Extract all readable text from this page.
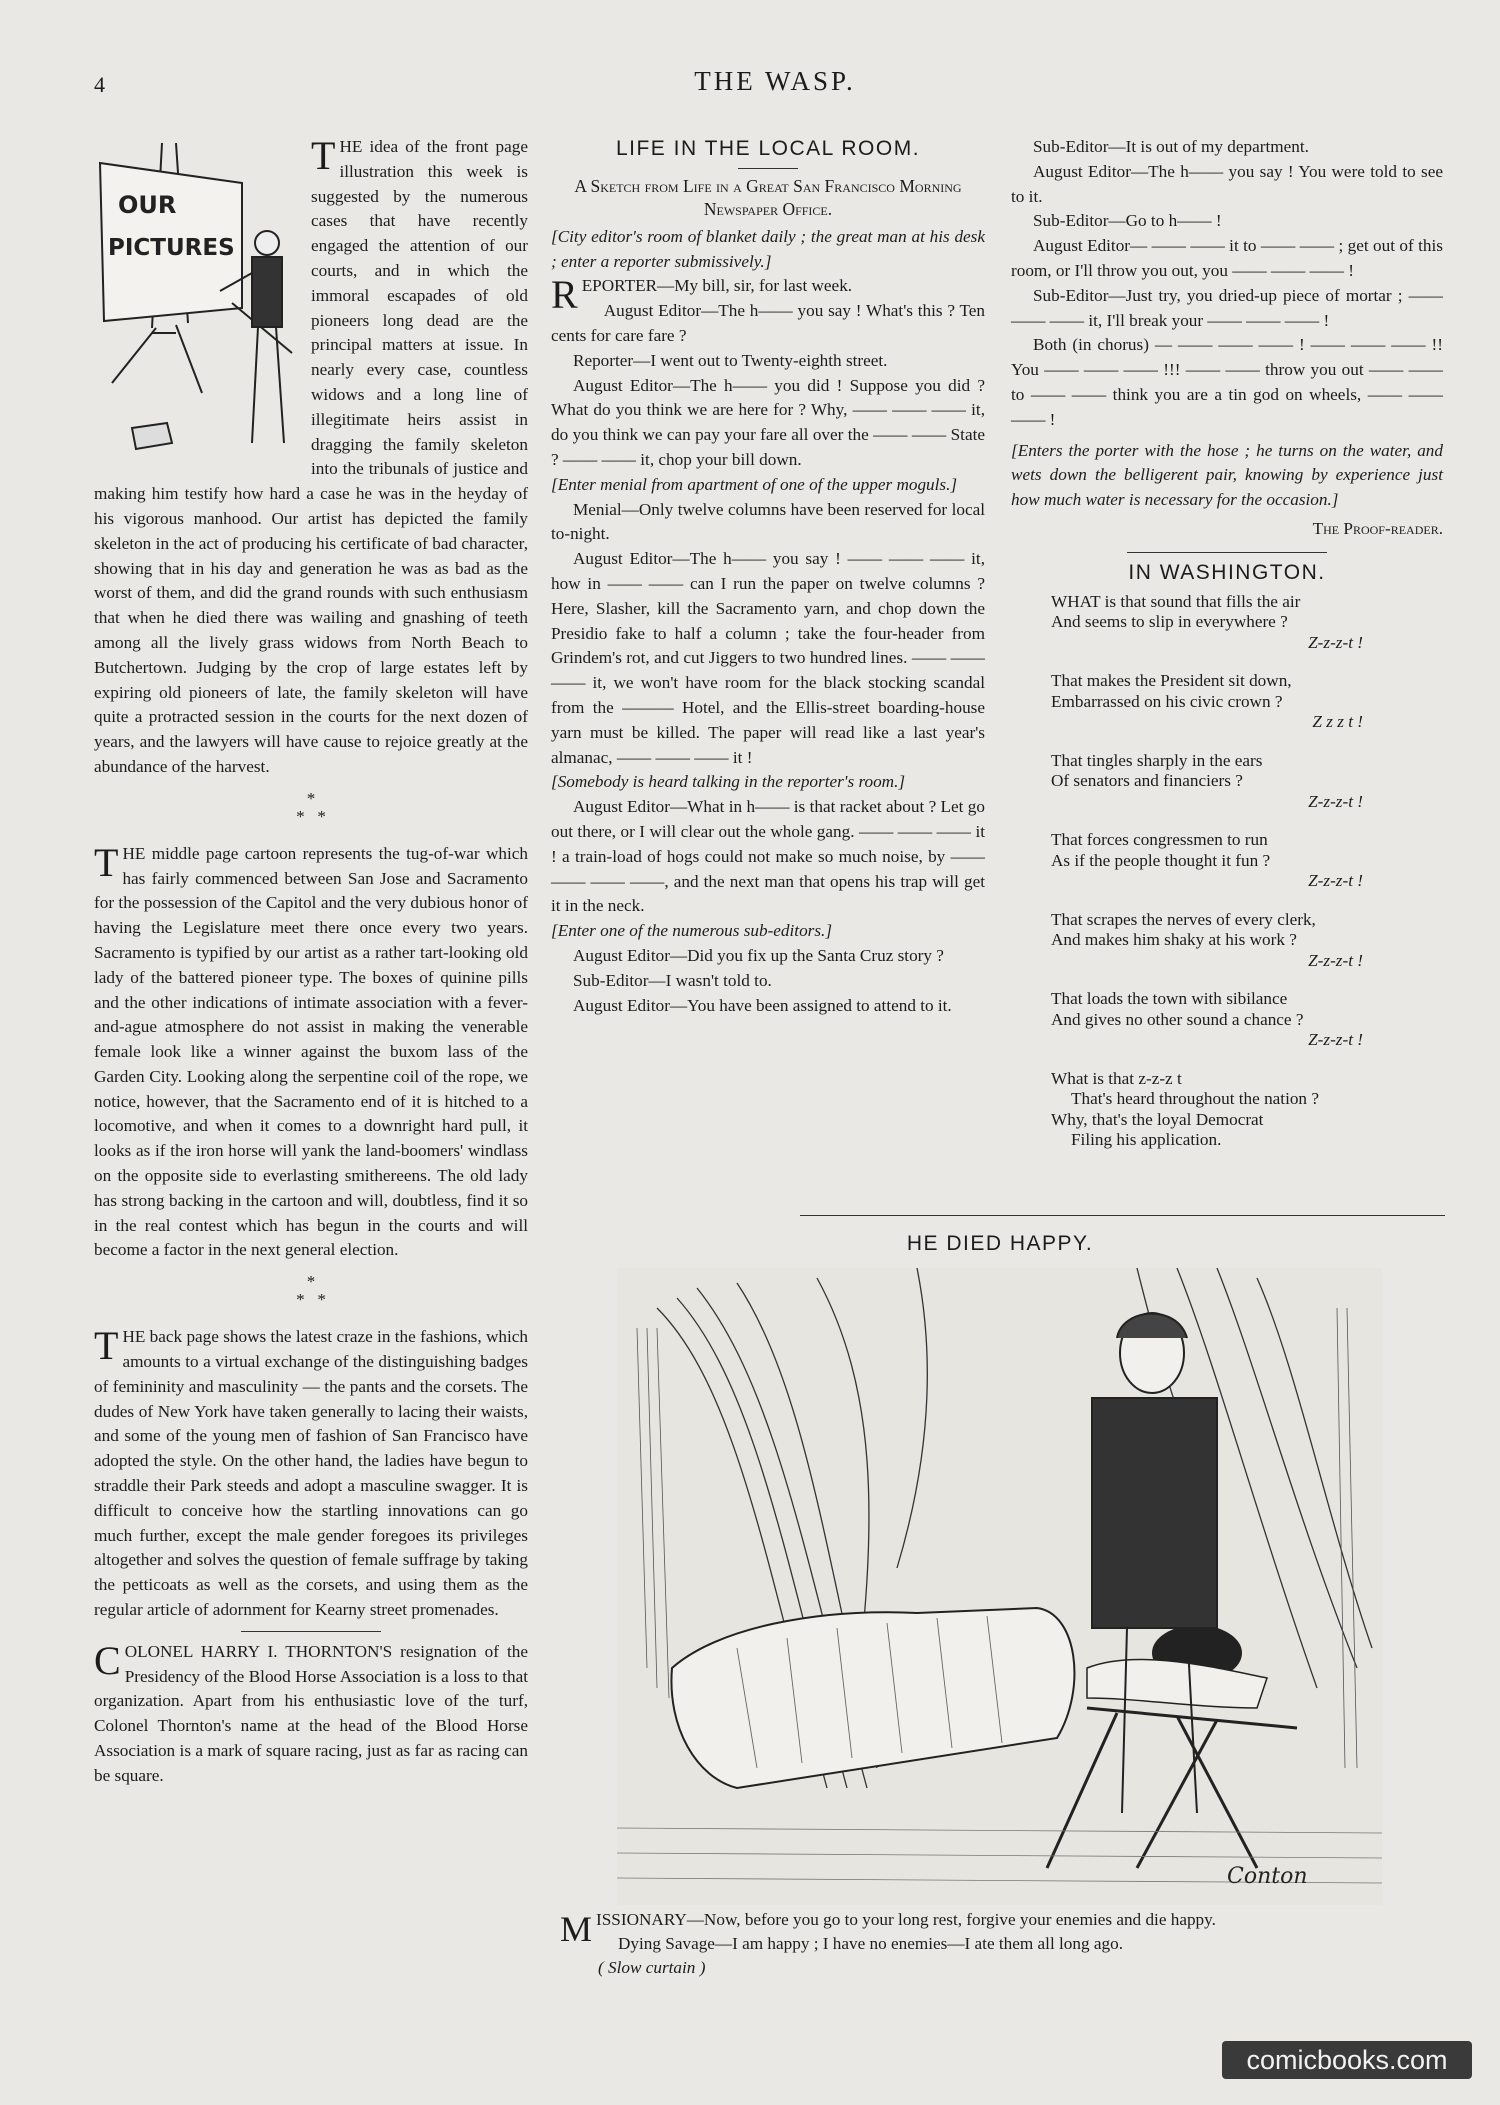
4	THE WASP.
OUR
PICTURES

THE idea of the front page illustration this week is suggested by the numerous cases that have recently engaged the attention of our courts, and in which the immoral escapades of old pioneers long dead are the principal matters at issue. In nearly every case, countless widows and a long line of illegitimate heirs assist in dragging the family skeleton into the tribunals of justice and making him testify how hard a case he was in the heyday of his vigorous manhood. Our artist has depicted the family skeleton in the act of producing his certificate of bad character, showing that in his day and generation he was as bad as the worst of them, and did the grand rounds with such enthusiasm that when he died there was wailing and gnashing of teeth among all the lively grass widows from North Beach to Butchertown. Judging by the crop of large estates left by expiring old pioneers of late, the family skeleton will have quite a protracted session in the courts for the next dozen of years, and the lawyers will have cause to rejoice greatly at the abundance of the harvest.

*
*   *

THE middle page cartoon represents the tug-of-war which has fairly commenced between San Jose and Sacramento for the possession of the Capitol and the very dubious honor of having the Legislature meet there once every two years. Sacramento is typified by our artist as a rather tart-looking old lady of the battered pioneer type. The boxes of quinine pills and the other indications of intimate association with a fever-and-ague atmosphere do not assist in making the venerable female look like a winner against the buxom lass of the Garden City. Looking along the serpentine coil of the rope, we notice, however, that the Sacramento end of it is hitched to a locomotive, and when it comes to a downright hard pull, it looks as if the iron horse will yank the land-boomers' windlass on the opposite side to everlasting smithereens. The old lady has strong backing in the cartoon and will, doubtless, find it so in the real contest which has begun in the courts and will become a factor in the next general election.

*
*   *

THE back page shows the latest craze in the fashions, which amounts to a virtual exchange of the distinguishing badges of femininity and masculinity — the pants and the corsets. The dudes of New York have taken generally to lacing their waists, and some of the young men of fashion of San Francisco have adopted the style. On the other hand, the ladies have begun to straddle their Park steeds and adopt a masculine swagger. It is difficult to conceive how the startling innovations can go much further, except the male gender foregoes its privileges altogether and solves the question of female suffrage by taking the petticoats as well as the corsets, and using them as the regular article of adornment for Kearny street promenades.

COLONEL HARRY I. THORNTON'S resignation of the Presidency of the Blood Horse Association is a loss to that organization. Apart from his enthusiastic love of the turf, Colonel Thornton's name at the head of the Blood Horse Association is a mark of square racing, just as far as racing can be square.

LIFE IN THE LOCAL ROOM.
A Sketch from Life in a Great San Francisco Morning Newspaper Office.

[City editor's room of blanket daily ; the great man at his desk ; enter a reporter submissively.]

REPORTER—My bill, sir, for last week.

August Editor—The h—— you say ! What's this ? Ten cents for care fare ?

Reporter—I went out to Twenty-eighth street.

August Editor—The h—— you did ! Suppose you did ? What do you think we are here for ? Why, —— —— —— it, do you think we can pay your fare all over the —— —— State ? —— —— it, chop your bill down.

[Enter menial from apartment of one of the upper moguls.]

Menial—Only twelve columns have been reserved for local to-night.

August Editor—The h—— you say ! —— —— —— it, how in —— —— can I run the paper on twelve columns ? Here, Slasher, kill the Sacramento yarn, and chop down the Presidio fake to half a column ; take the four-header from Grindem's rot, and cut Jiggers to two hundred lines. —— —— —— it, we won't have room for the black stocking scandal from the ——— Hotel, and the Ellis-street boarding-house yarn must be killed. The paper will read like a last year's almanac, —— —— —— it !

[Somebody is heard talking in the reporter's room.]

August Editor—What in h—— is that racket about ? Let go out there, or I will clear out the whole gang. —— —— —— it ! a train-load of hogs could not make so much noise, by —— —— —— ——, and the next man that opens his trap will get it in the neck.

[Enter one of the numerous sub-editors.]

August Editor—Did you fix up the Santa Cruz story ?

Sub-Editor—I wasn't told to.

August Editor—You have been assigned to attend to it.

Sub-Editor—It is out of my department.

August Editor—The h—— you say ! You were told to see to it.

Sub-Editor—Go to h—— !

August Editor— —— —— it to —— —— ; get out of this room, or I'll throw you out, you —— —— —— !

Sub-Editor—Just try, you dried-up piece of mortar ; —— —— —— it, I'll break your —— —— —— !

Both (in chorus) — —— —— —— ! —— —— —— !! You —— —— —— !!! —— —— throw you out —— —— to —— —— think you are a tin god on wheels, —— —— —— !

[Enters the porter with the hose ; he turns on the water, and wets down the belligerent pair, knowing by experience just how much water is necessary for the occasion.]

The Proof-reader.
IN WASHINGTON.
WHAT is that sound that fills the air
And seems to slip in everywhere ?
Z-z-z-t !
That makes the President sit down,
Embarrassed on his civic crown ?
Z z z t !
That tingles sharply in the ears
Of senators and financiers ?
Z-z-z-t !
That forces congressmen to run
As if the people thought it fun ?
Z-z-z-t !
That scrapes the nerves of every clerk,
And makes him shaky at his work ?
Z-z-z-t !
That loads the town with sibilance
And gives no other sound a chance ?
Z-z-z-t !
What is that z-z-z t
That's heard throughout the nation ?
Why, that's the loyal Democrat
Filing his application.
HE DIED HAPPY.
Conton

MISSIONARY—Now, before you go to your long rest, forgive your enemies and die happy.

Dying Savage—I am happy ; I have no enemies—I ate them all long ago.

( Slow curtain )

comicbooks.com
